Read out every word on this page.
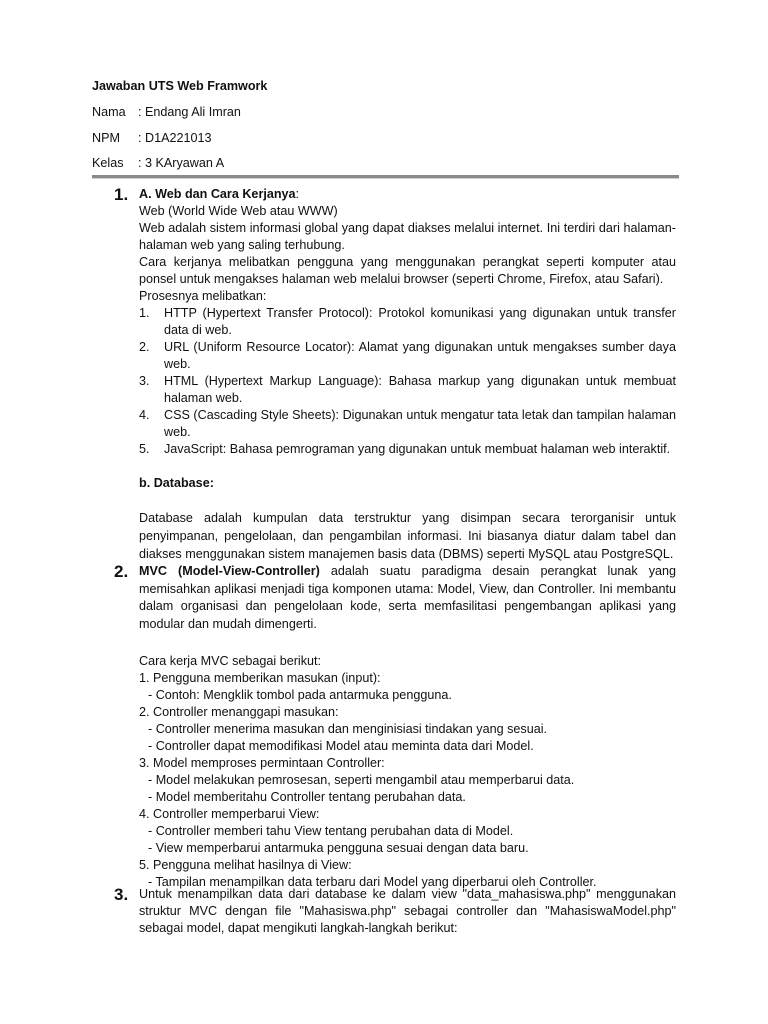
Jawaban UTS Web Framwork
Nama : Endang Ali Imran
NPM : D1A221013
Kelas : 3 KAryawan A
1. A. Web dan Cara Kerjanya:
Web (World Wide Web atau WWW)
Web adalah sistem informasi global yang dapat diakses melalui internet. Ini terdiri dari halaman-halaman web yang saling terhubung.
Cara kerjanya melibatkan pengguna yang menggunakan perangkat seperti komputer atau ponsel untuk mengakses halaman web melalui browser (seperti Chrome, Firefox, atau Safari).
Prosesnya melibatkan:
1. HTTP (Hypertext Transfer Protocol): Protokol komunikasi yang digunakan untuk transfer data di web.
2. URL (Uniform Resource Locator): Alamat yang digunakan untuk mengakses sumber daya web.
3. HTML (Hypertext Markup Language): Bahasa markup yang digunakan untuk membuat halaman web.
4. CSS (Cascading Style Sheets): Digunakan untuk mengatur tata letak dan tampilan halaman web.
5. JavaScript: Bahasa pemrograman yang digunakan untuk membuat halaman web interaktif.
b. Database:
Database adalah kumpulan data terstruktur yang disimpan secara terorganisir untuk penyimpanan, pengelolaan, dan pengambilan informasi. Ini biasanya diatur dalam tabel dan diakses menggunakan sistem manajemen basis data (DBMS) seperti MySQL atau PostgreSQL.
2. MVC (Model-View-Controller) adalah suatu paradigma desain perangkat lunak yang memisahkan aplikasi menjadi tiga komponen utama: Model, View, dan Controller. Ini membantu dalam organisasi dan pengelolaan kode, serta memfasilitasi pengembangan aplikasi yang modular dan mudah dimengerti.
Cara kerja MVC sebagai berikut:
1. Pengguna memberikan masukan (input):
- Contoh: Mengklik tombol pada antarmuka pengguna.
2. Controller menanggapi masukan:
- Controller menerima masukan dan menginisiasi tindakan yang sesuai.
- Controller dapat memodifikasi Model atau meminta data dari Model.
3. Model memproses permintaan Controller:
- Model melakukan pemrosesan, seperti mengambil atau memperbarui data.
- Model memberitahu Controller tentang perubahan data.
4. Controller memperbarui View:
- Controller memberi tahu View tentang perubahan data di Model.
- View memperbarui antarmuka pengguna sesuai dengan data baru.
5. Pengguna melihat hasilnya di View:
- Tampilan menampilkan data terbaru dari Model yang diperbarui oleh Controller.
3. Untuk menampilkan data dari database ke dalam view "data_mahasiswa.php" menggunakan struktur MVC dengan file "Mahasiswa.php" sebagai controller dan "MahasiswaModel.php" sebagai model, dapat mengikuti langkah-langkah berikut:
